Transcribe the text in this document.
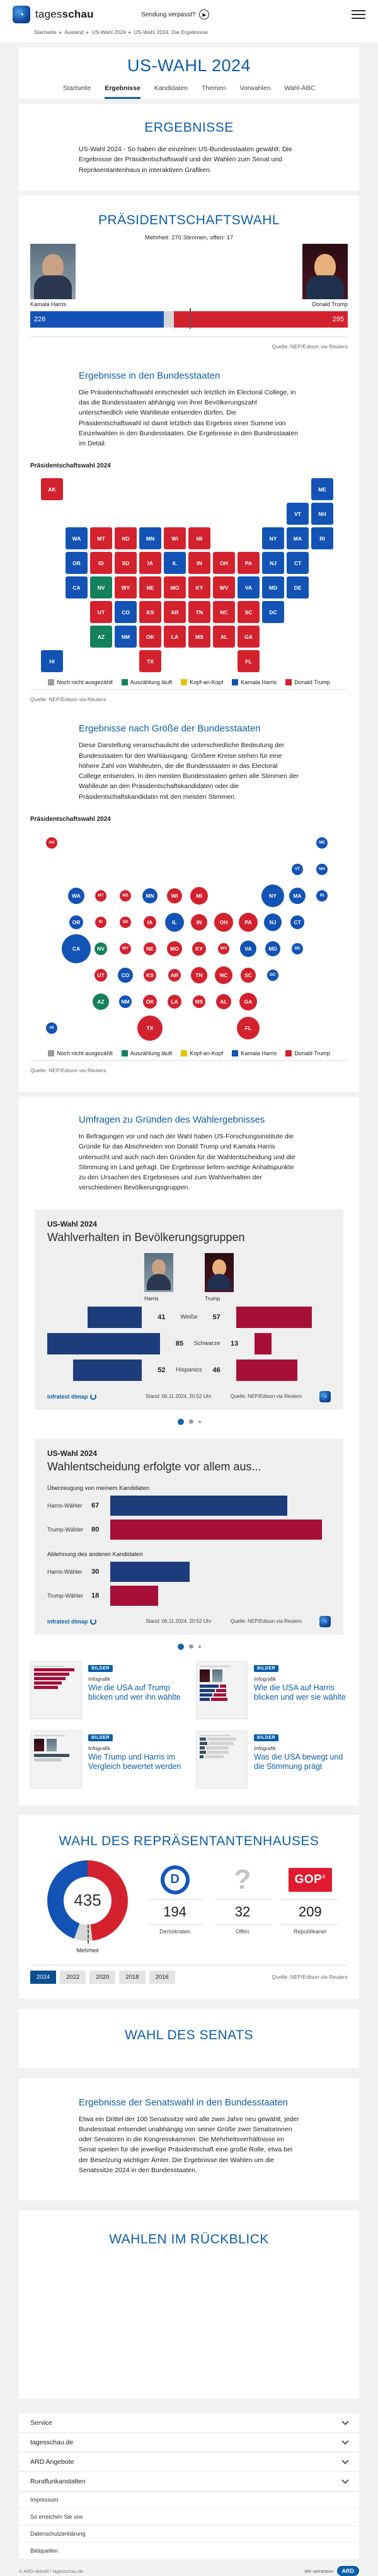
◔	tagesschau	Sendung verpasst?	▶
Startseite ▸ Ausland ▸ US-Wahl 2024 ▸ US-Wahl 2024: Die Ergebnisse
US-WAHL 2024
Startseite Ergebnisse Kandidaten Themen Vorwahlen Wahl-ABC
ERGEBNISSE

US-Wahl 2024 - So haben die einzelnen US-Bundesstaaten gewählt: Die Ergebnisse der Präsidentschaftswahl und der Wahlen zum Senat und Repräsentantenhaus in interaktiven Grafiken.

PRÄSIDENTSCHAFTSWAHL
Mehrheit: 270 Stimmen, offen: 17
Kamala Harris	Donald Trump
226	295
Quelle: NEP/Edison via Reuters
Ergebnisse in den Bundesstaaten

Die Präsidentschaftswahl entscheidet sich letztlich im Electoral College, in das die Bundesstaaten abhängig von ihrer Bevölkerungszahl unterschiedlich viele Wahlleute entsenden dürfen. Die Präsidentschaftswahl ist damit letztlich das Ergebnis einer Summe von Einzelwahlen in den Bundesstaaten. Die Ergebnisse in den Bundesstaaten im Detail.

Präsidentschaftswahl 2024
AK	ME
VT	NH
WA	MT	ND	MN	WI	MI	NY	MA	RI
OR	ID	SD	IA	IL	IN	OH	PA	NJ	CT
CA	NV	WY	NE	MO	KY	WV	VA	MD	DE
UT	CO	KS	AR	TN	NC	SC	DC
AZ	NM	OK	LA	MS	AL	GA
HI	TX	FL
Noch nicht ausgezählt	Auszählung läuft	Kopf-an-Kopf	Kamala Harris	Donald Trump
Quelle: NEP/Edison via Reuters
Ergebnisse nach Größe der Bundesstaaten

Diese Darstellung veranschaulicht die unterschiedliche Bedeutung der Bundesstaaten für den Wahlausgang. Größere Kreise stehen für eine höhere Zahl von Wahlleuten, die die Bundesstaaten in das Electoral College entsenden. In den meisten Bundesstaaten gehen alle Stimmen der Wahlleute an den Präsidentschaftskandidaten oder die Präsidentschaftskandidatin mit den meisten Stimmen.

Präsidentschaftswahl 2024
AK	ME
VT	NH
WA	MT	ND	MN	WI	MI	NY	MA	RI
OR	ID	SD	IA	IL	IN	OH	PA	NJ	CT
CA	NV	WY	NE	MO	KY	WV	VA	MD	DE
UT	CO	KS	AR	TN	NC	SC	DC
AZ	NM	OK	LA	MS	AL	GA
HI	TX	FL
Noch nicht ausgezählt	Auszählung läuft	Kopf-an-Kopf	Kamala Harris	Donald Trump
Quelle: NEP/Edison via Reuters
Umfragen zu Gründen des Wahlergebnisses

In Befragungen vor und nach der Wahl haben US-Forschungsinstitute die Gründe für das Abschneiden von Donald Trump und Kamala Harris untersucht und auch nach den Gründen für die Wahlentscheidung und die Stimmung im Land gefragt. Die Ergebnisse liefern wichtige Anhaltspunkte zu den Ursachen des Ergebnisses und zum Wahlverhalten der verschiedenen Bevölkerungsgruppen.

US-Wahl 2024
Wahlverhalten in Bevölkerungsgruppen
Harris	Trump
41	Weiße	57
85	Schwarze	13
52	Hispanics	46
infratest dimap	Stand: 06.11.2024, 20:52 Uhr	Quelle: NEP/Edison via Reuters	◔
US-Wahl 2024
Wahlentscheidung erfolgte vor allem aus...
Überzeugung von meinem Kandidaten
Harris-Wähler	67
Trump-Wähler	80
Ablehnung des anderen Kandidaten
Harris-Wähler	30
Trump-Wähler	18
infratest dimap	Stand: 06.11.2024, 20:52 Uhr	Quelle: NEP/Edison via Reuters	◔
BILDER
Infografik
Wie die USA auf Trump blicken und wer ihn wählte
BILDER
Infografik
Wie die USA auf Harris blicken und wer sie wählte
BILDER
Infografik
Wie Trump und Harris im Vergleich bewertet werden
BILDER
Infografik
Was die USA bewegt und die Stimmung prägt
WAHL DES REPRÄSENTANTENHAUSES
435
Mehrheit
D
194
Demokraten
?
32
Offen
GOP®
209
Republikaner
2024	2022	2020	2018	2016	Quelle: NEP/Edison via Reuters
WAHL DES SENATS
Ergebnisse der Senatswahl in den Bundesstaaten

Etwa ein Drittel der 100 Senatssitze wird alle zwei Jahre neu gewählt, jeder Bundesstaat entsendet unabhängig von seiner Größe zwei Senatorinnen oder Senatoren in die Kongresskammer. Die Mehrheitsverhältnisse im Senat spielen für die jeweilige Präsidentschaft eine große Rolle, etwa bei der Besetzung wichtiger Ämter. Die Ergebnisse der Wahlen um die Senatssitze 2024 in den Bundesstaaten.

WAHLEN IM RÜCKBLICK
Service
tagesschau.de
ARD Angebote
Rundfunkanstalten
Impressum
So erreichen Sie uns
Datenschutzerklärung
Bildquellen
© ARD-aktuell / tagesschau.de	Wir vernetzen	ARD
